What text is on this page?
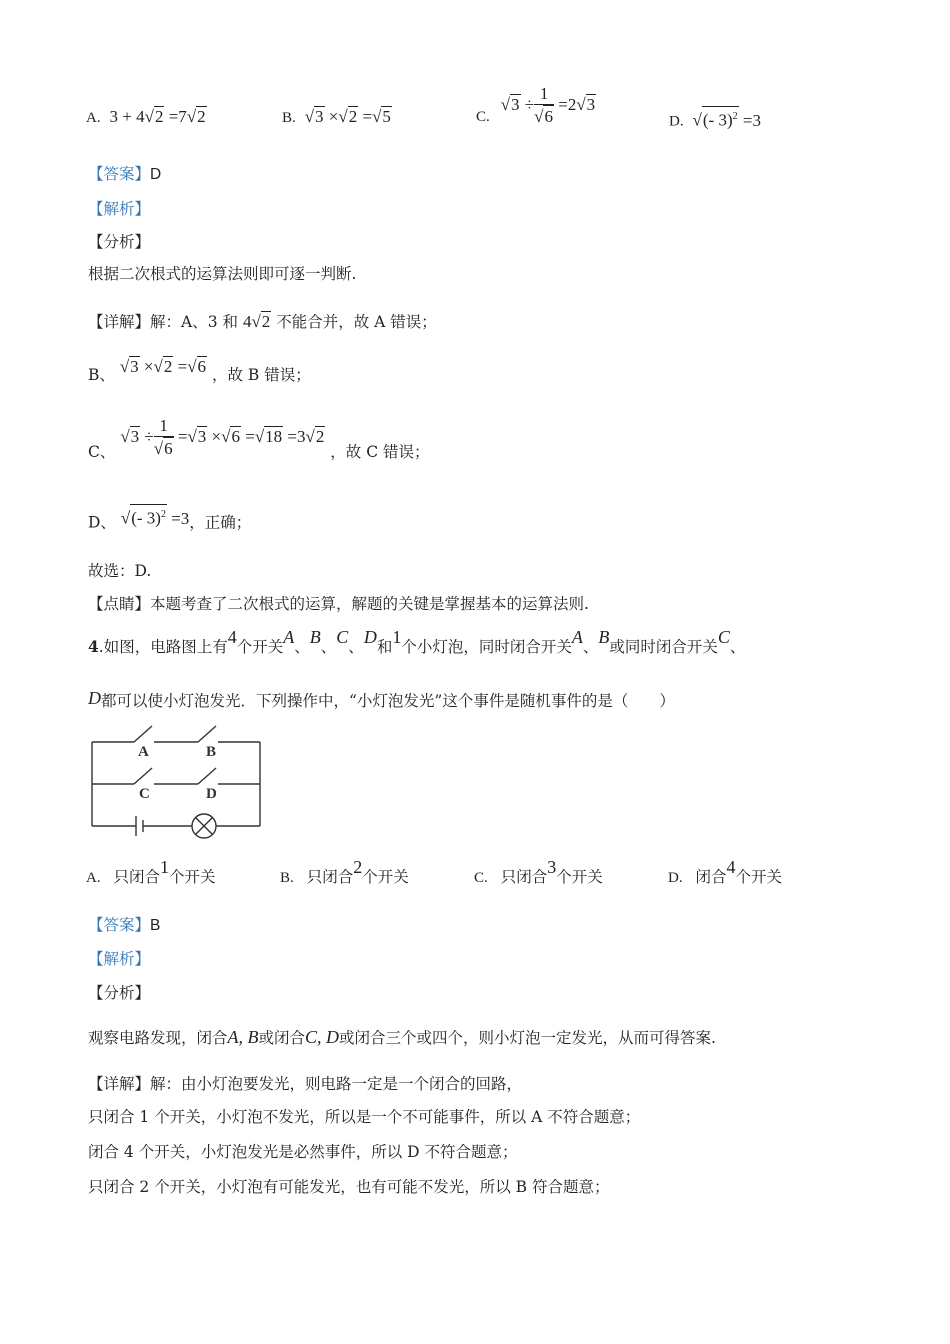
A. 3 + 4√2 =7√2	B. √3 ×√2 =√5	C. $√3 \div \frac{1}{√6} =2√3$
D. √(- 3)$^2$ =3
【答案】D
【解析】
【分析】
根据二次根式的运算法则即可逐一判断.
【详解】解：A、3 和 4√2 不能合并，故 A 错误；
B、 √3 ×√2 =√6 ，故 B 错误；
C、 $√3 \div \frac{1}{√6} =√3 \times√6 =√18 =3√2$ ，故 C 错误；
D、 √(- 3)$^2$ =3，正确；
故选：D.
【点睛】本题考查了二次根式的运算，解题的关键是掌握基本的运算法则.
4.如图，电路图上有4个开关A、B、C、D和1个小灯泡，同时闭合开关A、B或同时闭合开关C、
D都可以使小灯泡发光．下列操作中，“小灯泡发光”这个事件是随机事件的是（　　）
A	B
C	D
A. 只闭合1个开关	B. 只闭合2个开关	C. 只闭合3个开关	D. 闭合4个开关
【答案】B
【解析】
【分析】
观察电路发现，闭合A, B或闭合C, D或闭合三个或四个，则小灯泡一定发光，从而可得答案.
【详解】解：由小灯泡要发光，则电路一定是一个闭合的回路，
只闭合 1 个开关，小灯泡不发光，所以是一个不可能事件，所以 A 不符合题意；
闭合 4 个开关，小灯泡发光是必然事件，所以 D 不符合题意；
只闭合 2 个开关，小灯泡有可能发光，也有可能不发光，所以 B 符合题意；
